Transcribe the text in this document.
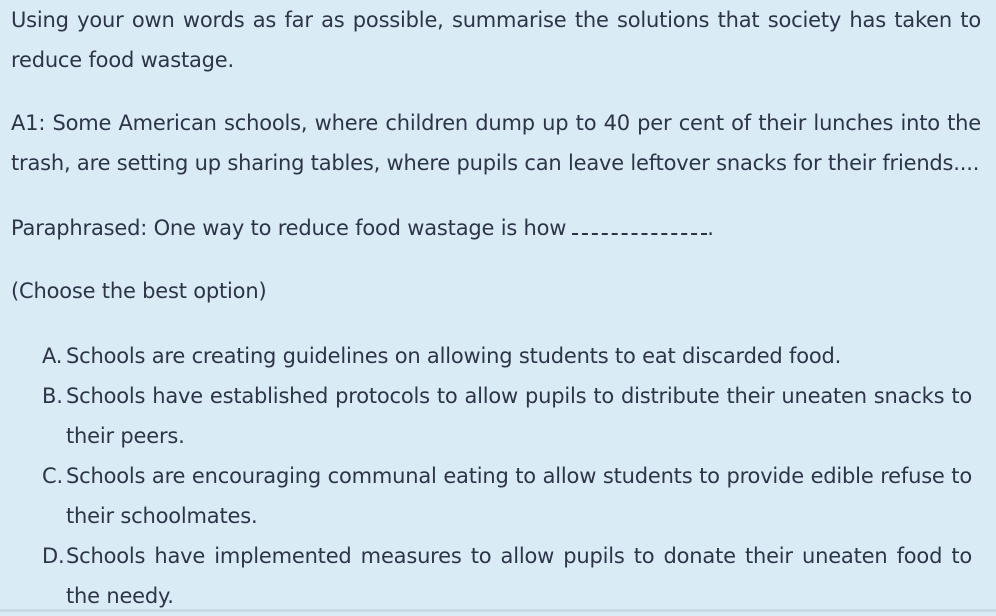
Using your own words as far as possible, summarise the solutions that society has taken to reduce food wastage.

A1: Some American schools, where children dump up to 40 per cent of their lunches into the trash, are setting up sharing tables, where pupils can leave leftover snacks for their friends....

Paraphrased: One way to reduce food wastage is how	.

(Choose the best option)

A. Schools are creating guidelines on allowing students to eat discarded food.
B. Schools have established protocols to allow pupils to distribute their uneaten snacks to their peers.
C. Schools are encouraging communal eating to allow students to provide edible refuse to their schoolmates.
D. Schools have implemented measures to allow pupils to donate their uneaten food to the needy.
